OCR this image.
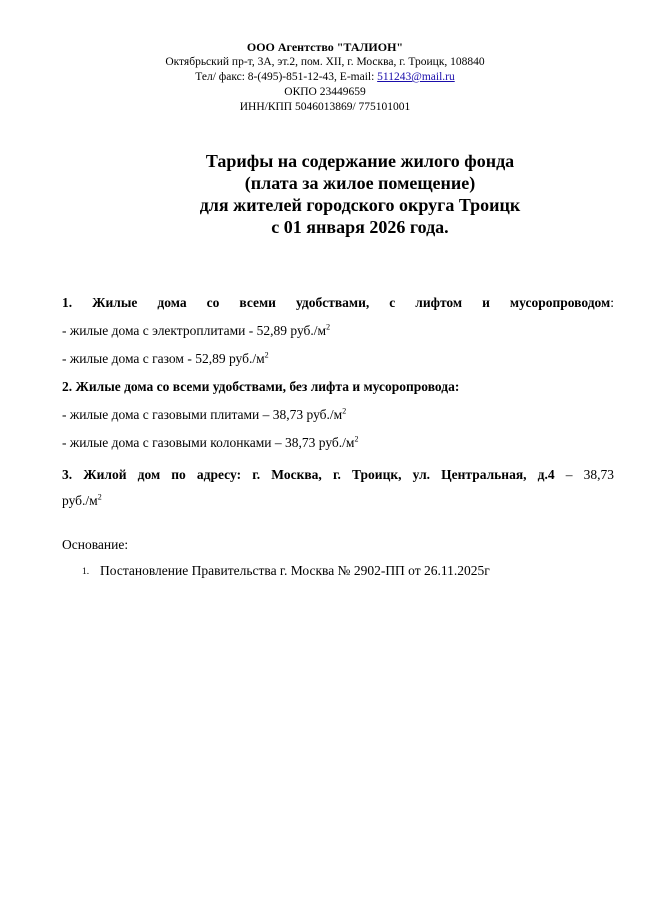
ООО Агентство "ТАЛИОН"
Октябрьский пр-т, 3А, эт.2, пом. XII, г. Москва, г. Троицк, 108840
Тел/ факс: 8-(495)-851-12-43, E-mail: 511243@mail.ru
ОКПО 23449659
ИНН/КПП 5046013869/ 775101001
Тарифы на содержание жилого фонда
(плата за жилое помещение)
для жителей городского округа Троицк
с 01 января 2026 года.
1. Жилые дома со всеми удобствами, с лифтом и мусоропроводом:
- жилые дома с электроплитами - 52,89 $руб./м^2$
- жилые дома с газом - 52,89 $руб./м^2$
2. Жилые дома со всеми удобствами, без лифта и мусоропровода:
- жилые дома с газовыми плитами – 38,73 $руб./м^2$
- жилые дома с газовыми колонками – 38,73 $руб./м^2$
3. Жилой дом по адресу: г. Москва, г. Троицк, ул. Центральная, д.4 – 38,73
$руб./м^2$
Основание:
1. Постановление Правительства г. Москва № 2902-ПП от 26.11.2025г
